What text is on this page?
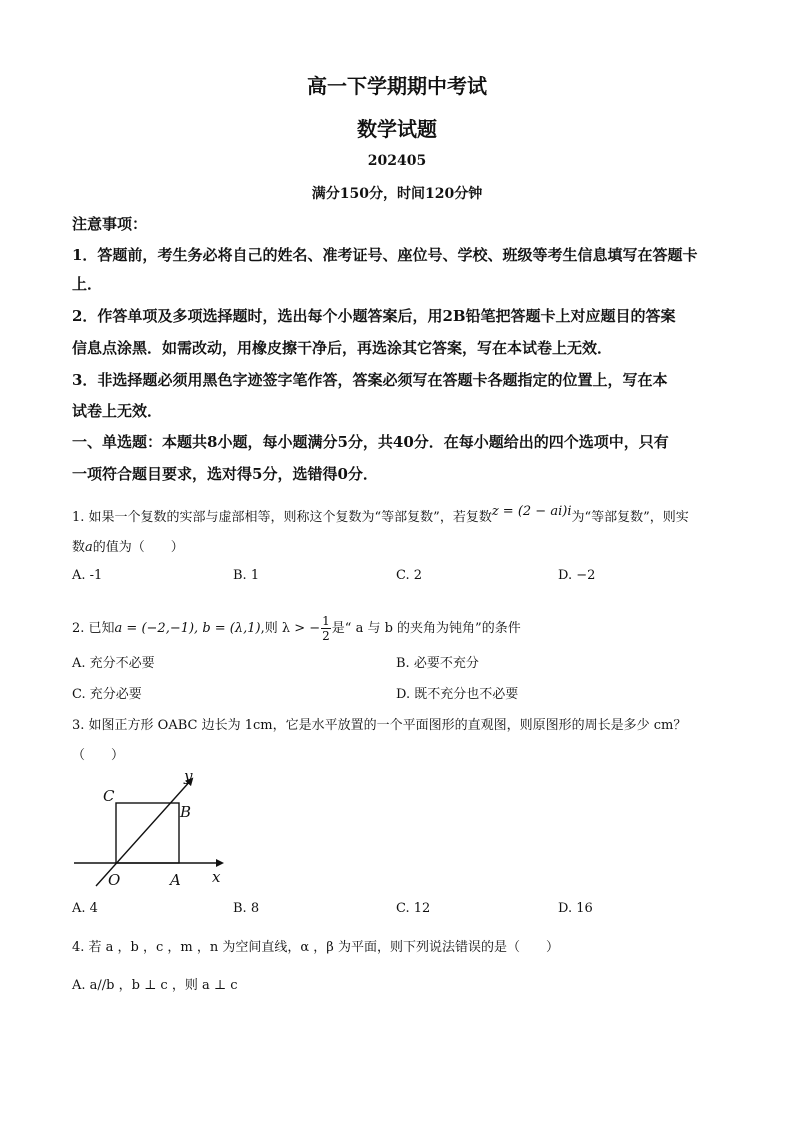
高一下学期期中考试
数学试题
202405
满分150分，时间120分钟
注意事项：
1．答题前，考生务必将自己的姓名、准考证号、座位号、学校、班级等考生信息填写在答题卡
上．
2．作答单项及多项选择题时，选出每个小题答案后，用2B铅笔把答题卡上对应题目的答案
信息点涂黑．如需改动，用橡皮擦干净后，再选涂其它答案，写在本试卷上无效．
3．非选择题必须用黑色字迹签字笔作答，答案必须写在答题卡各题指定的位置上，写在本
试卷上无效．
一、单选题：本题共8小题，每小题满分5分，共40分．在每小题给出的四个选项中，只有
一项符合题目要求，选对得5分，选错得0分．
1. 如果一个复数的实部与虚部相等，则称这个复数为“等部复数”，若复数z = (2 − ai)i为“等部复数”，则实
数a的值为（　　）
A. -1	B. 1	C. 2	D. −2
2. 已知a = (−2,−1), b = (λ,1),则 λ > − $\frac{1}{2}$ 是“ a 与 b 的夹角为钝角”的条件
A. 充分不必要	B. 必要不充分
C. 充分必要	D. 既不充分也不必要
3. 如图正方形 OABC 边长为 1cm，它是水平放置的一个平面图形的直观图，则原图形的周长是多少 cm？
（　　）
C
B
O	A x
y
A. 4	B. 8	C. 12	D. 16
4. 若 a ，b ，c ，m ，n 为空间直线，α ，β 为平面，则下列说法错误的是（　　）
A. a//b ，b ⊥ c ，则 a ⊥ c
